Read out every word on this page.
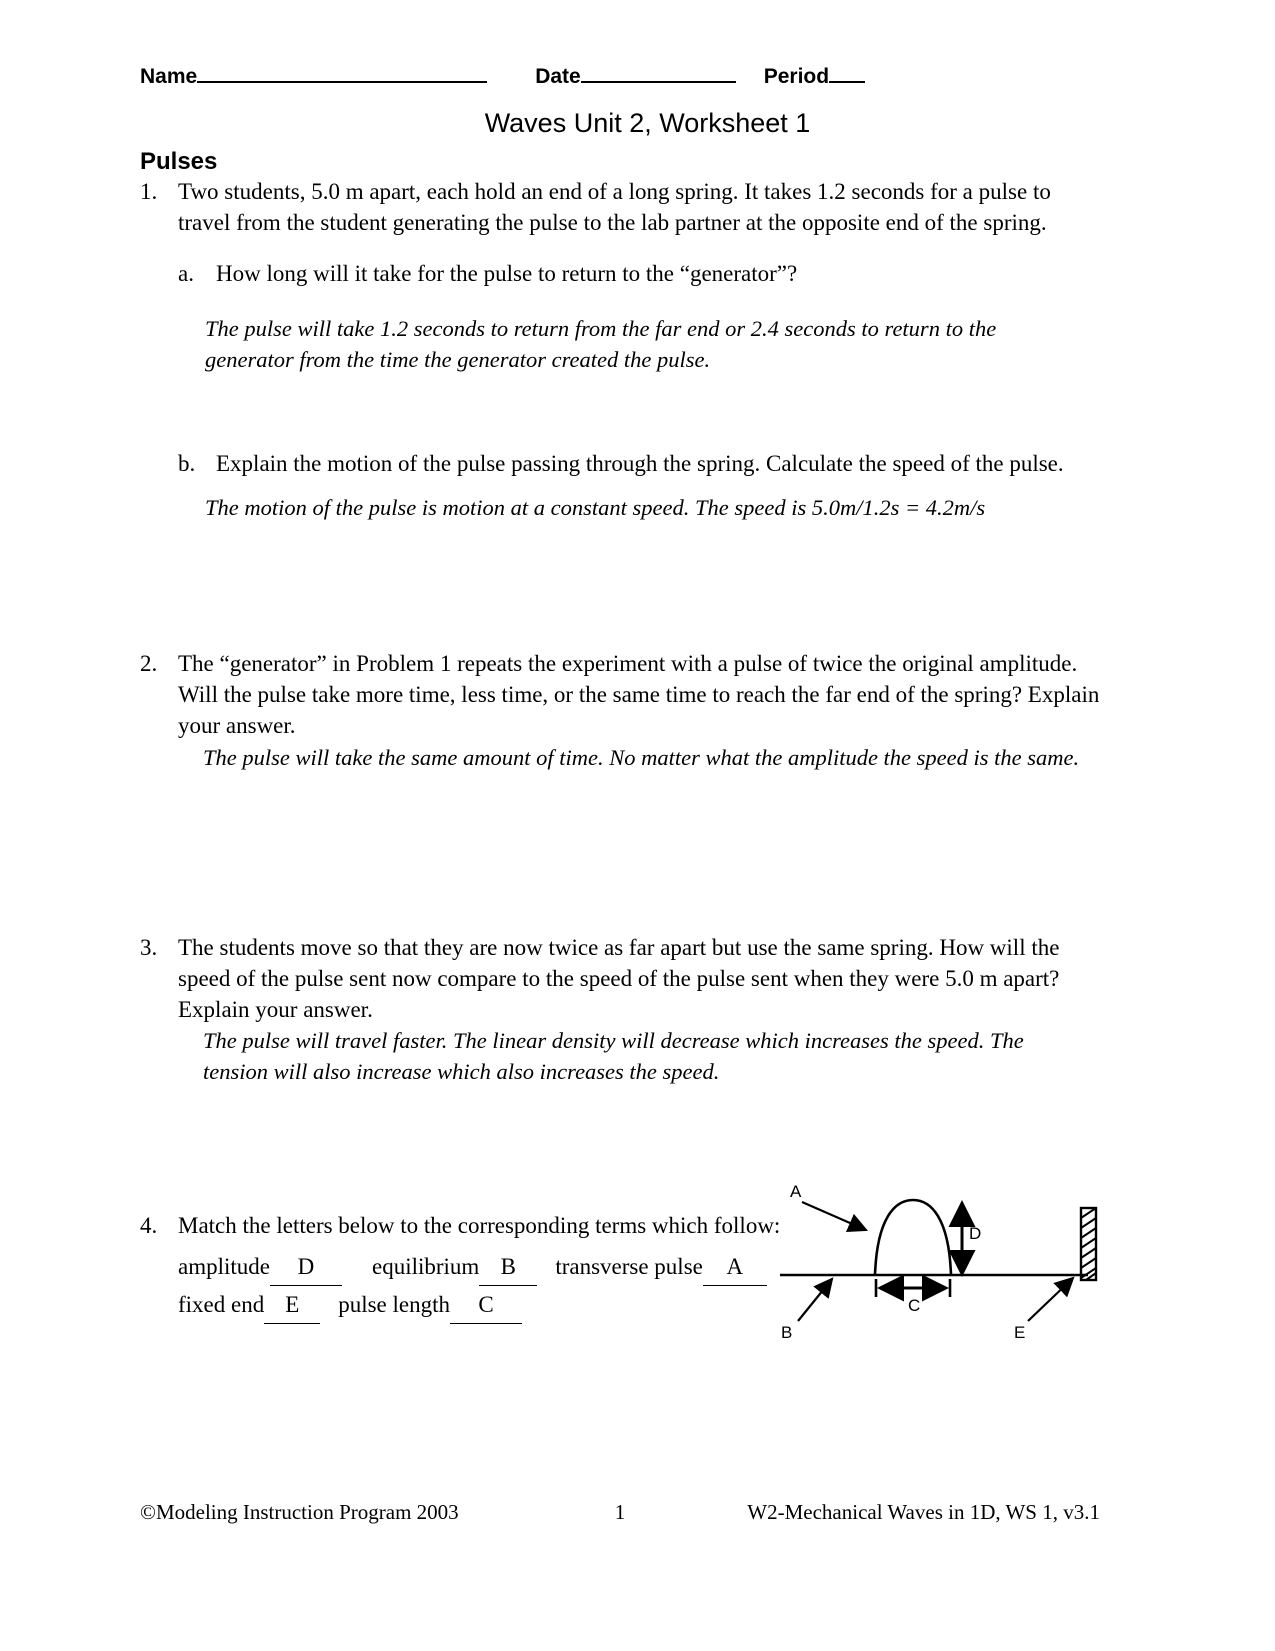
Name	Date	Period
Waves Unit 2, Worksheet 1
Pulses
1. Two students, 5.0 m apart, each hold an end of a long spring. It takes 1.2 seconds for a pulse to travel from the student generating the pulse to the lab partner at the opposite end of the spring.
a. How long will it take for the pulse to return to the “generator”?
The pulse will take 1.2 seconds to return from the far end or 2.4 seconds to return to the generator from the time the generator created the pulse.
b. Explain the motion of the pulse passing through the spring. Calculate the speed of the pulse.
The motion of the pulse is motion at a constant speed. The speed is 5.0m/1.2s = 4.2m/s
2. The “generator” in Problem 1 repeats the experiment with a pulse of twice the original amplitude. Will the pulse take more time, less time, or the same time to reach the far end of the spring? Explain your answer.
The pulse will take the same amount of time. No matter what the amplitude the speed is the same.
3. The students move so that they are now twice as far apart but use the same spring. How will the speed of the pulse sent now compare to the speed of the pulse sent when they were 5.0 m apart? Explain your answer.
The pulse will travel faster. The linear density will decrease which increases the speed. The tension will also increase which also increases the speed.
4. Match the letters below to the corresponding terms which follow:
amplitude D	equilibrium B transverse pulse A
fixed end E pulse length C
A
D
C
B	E
©Modeling Instruction Program 2003	1	W2-Mechanical Waves in 1D, WS 1, v3.1
